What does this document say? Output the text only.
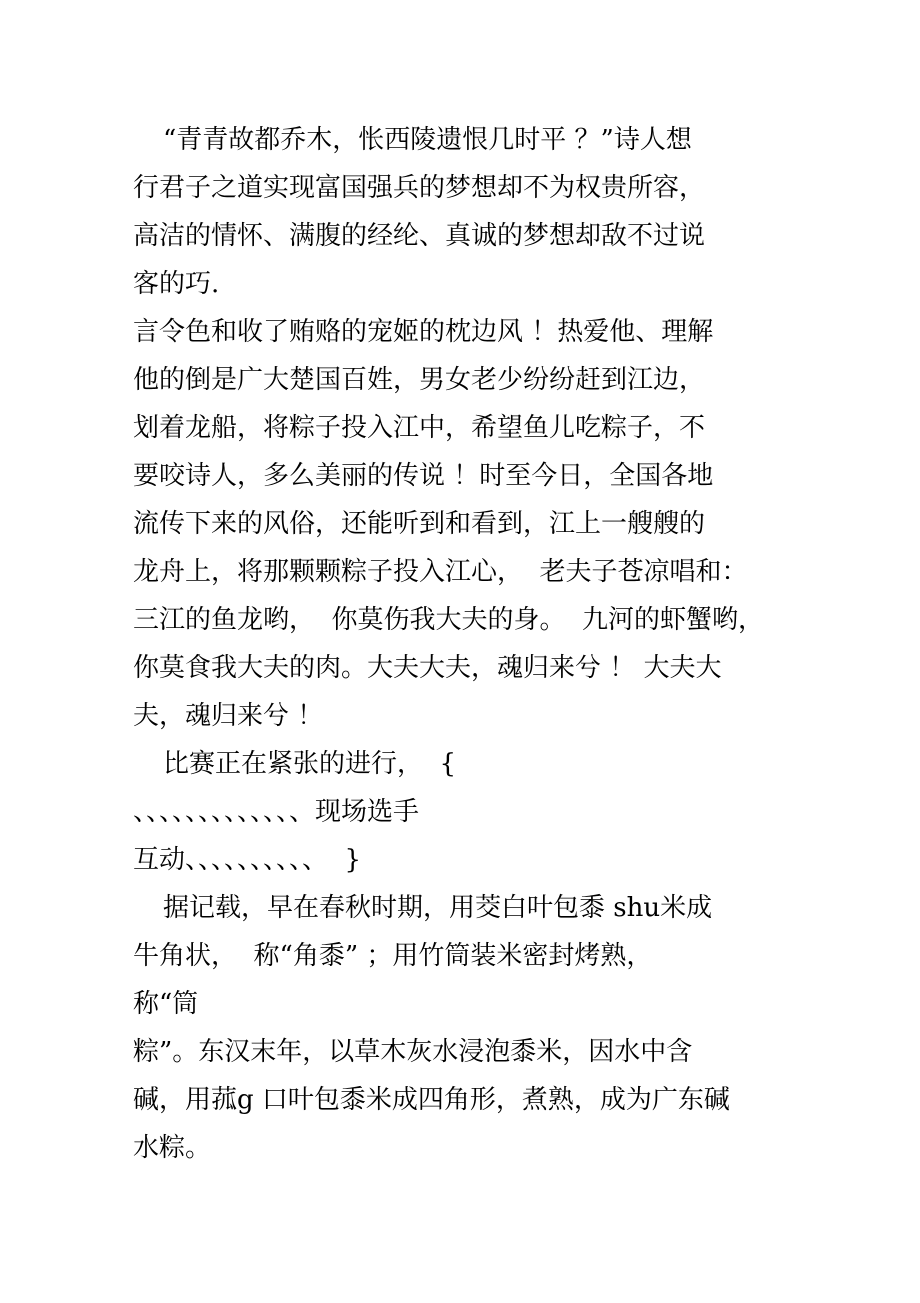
“青青故都乔木，怅西陵遗恨几时平 ？”诗人想
行君子之道实现富国强兵的梦想却不为权贵所容，
高洁的情怀、满腹的经纶、真诚的梦想却敌不过说
客的巧.
言令色和收了贿赂的宠姬的枕边风 ！热爱他、理解
他的倒是广大楚国百姓，男女老少纷纷赶到江边，
划着龙船，将粽子投入江中，希望鱼儿吃粽子，不
要咬诗人，多么美丽的传说 ！时至今日，全国各地
流传下来的风俗，还能听到和看到，江上一艘艘的
龙舟上，将那颗颗粽子投入江心，  老夫子苍凉唱和：
三江的鱼龙哟，  你莫伤我大夫的身。  九河的虾蟹哟，
你莫食我大夫的肉。大夫大夫，魂归来兮 ！ 大夫大
夫，魂归来兮 ！
比赛正在紧张的进行，  {
、、、、、、、、、、、、、现场选手
互动、、、、、、、、、、  }
据记载，早在春秋时期，用茭白叶包黍 shu米成
牛角状，  称“角黍” ；用竹筒装米密封烤熟，
称“筒
粽”。东汉末年，以草木灰水浸泡黍米，因水中含
碱，用菰g 口叶包黍米成四角形，煮熟，成为广东碱
水粽。
